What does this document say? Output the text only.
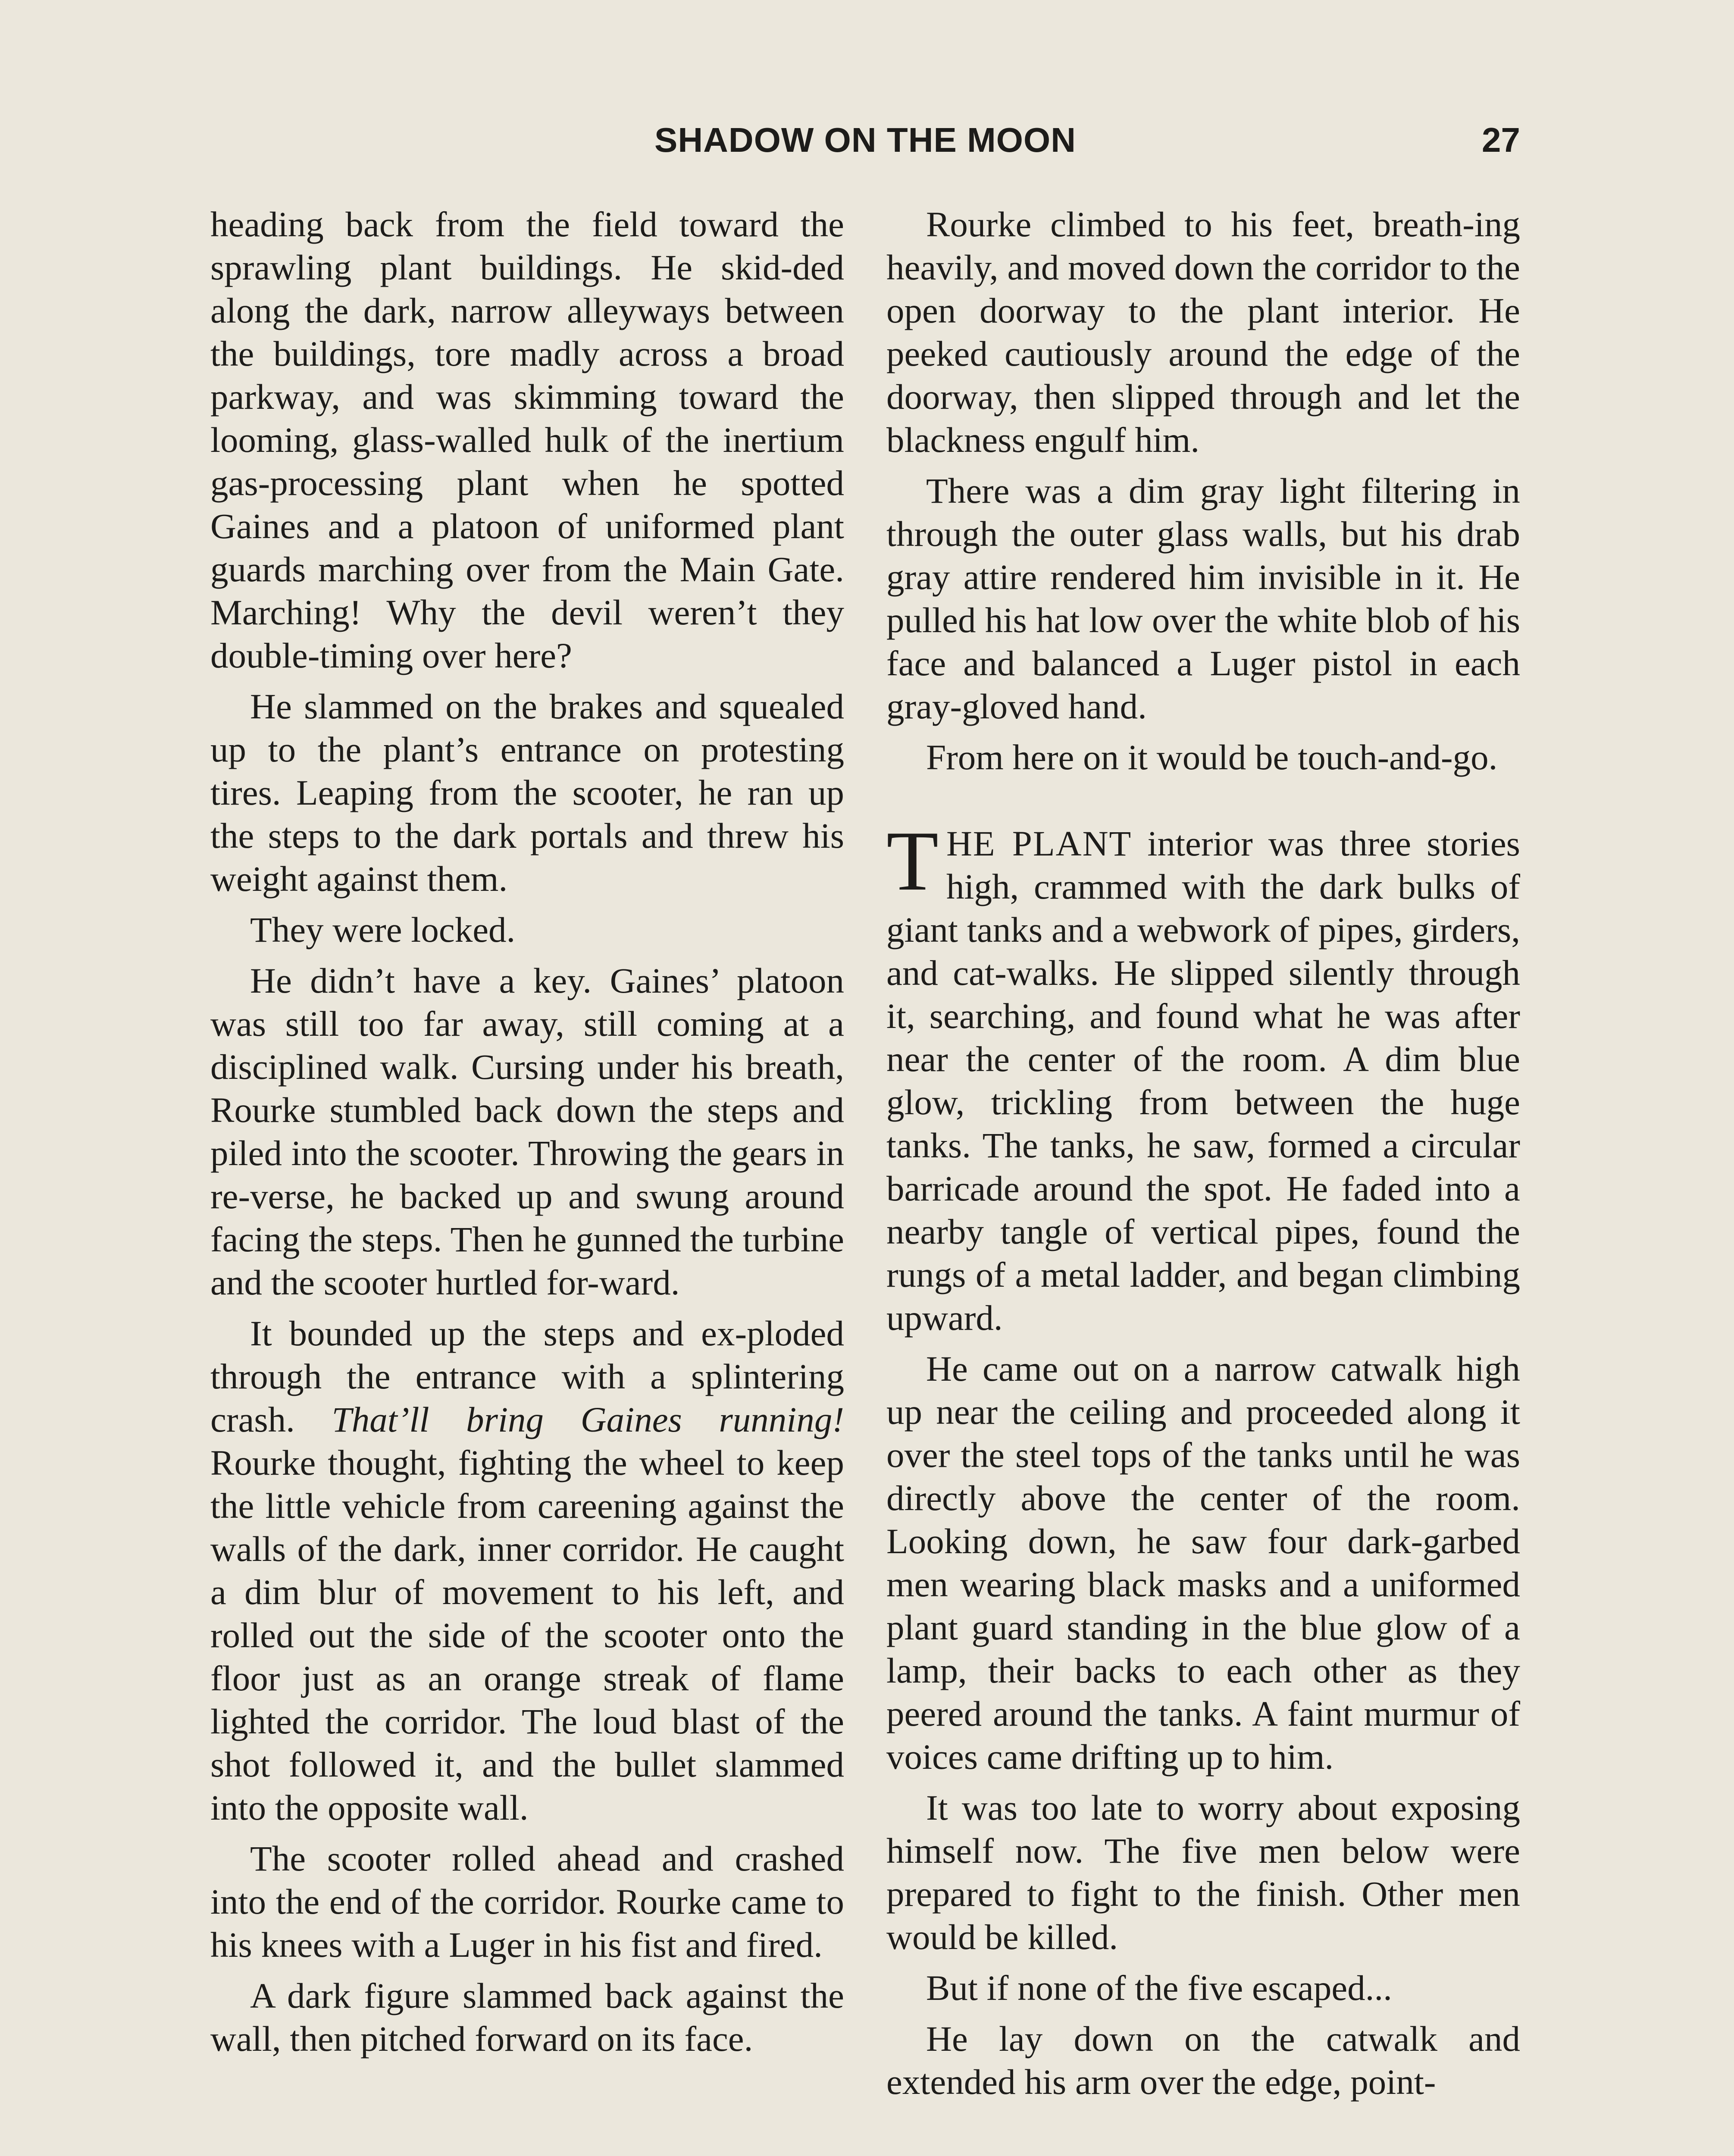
SHADOW ON THE MOON	27

heading back from the field toward the sprawling plant buildings. He skid-ded along the dark, narrow alleyways between the buildings, tore madly across a broad parkway, and was skimming toward the looming, glass-walled hulk of the inertium gas-processing plant when he spotted Gaines and a platoon of uniformed plant guards marching over from the Main Gate. Marching! Why the devil weren’t they double-timing over here?

He slammed on the brakes and squealed up to the plant’s entrance on protesting tires. Leaping from the scooter, he ran up the steps to the dark portals and threw his weight against them.

They were locked.

He didn’t have a key. Gaines’ platoon was still too far away, still coming at a disciplined walk. Cursing under his breath, Rourke stumbled back down the steps and piled into the scooter. Throwing the gears in re-verse, he backed up and swung around facing the steps. Then he gunned the turbine and the scooter hurtled for-ward.

It bounded up the steps and ex-ploded through the entrance with a splintering crash. That’ll bring Gaines running! Rourke thought, fighting the wheel to keep the little vehicle from careening against the walls of the dark, inner corridor. He caught a dim blur of movement to his left, and rolled out the side of the scooter onto the floor just as an orange streak of flame lighted the corridor. The loud blast of the shot followed it, and the bullet slammed into the opposite wall.

The scooter rolled ahead and crashed into the end of the corridor. Rourke came to his knees with a Luger in his fist and fired.

A dark figure slammed back against the wall, then pitched forward on its face.

Rourke climbed to his feet, breath-ing heavily, and moved down the corridor to the open doorway to the plant interior. He peeked cautiously around the edge of the doorway, then slipped through and let the blackness engulf him.

There was a dim gray light filtering in through the outer glass walls, but his drab gray attire rendered him invisible in it. He pulled his hat low over the white blob of his face and balanced a Luger pistol in each gray-gloved hand.

From here on it would be touch-and-go.

THE PLANT interior was three stories high, crammed with the dark bulks of giant tanks and a webwork of pipes, girders, and cat-walks. He slipped silently through it, searching, and found what he was after near the center of the room. A dim blue glow, trickling from between the huge tanks. The tanks, he saw, formed a circular barricade around the spot. He faded into a nearby tangle of vertical pipes, found the rungs of a metal ladder, and began climbing upward.

He came out on a narrow catwalk high up near the ceiling and proceeded along it over the steel tops of the tanks until he was directly above the center of the room. Looking down, he saw four dark-garbed men wearing black masks and a uniformed plant guard standing in the blue glow of a lamp, their backs to each other as they peered around the tanks. A faint murmur of voices came drifting up to him.

It was too late to worry about exposing himself now. The five men below were prepared to fight to the finish. Other men would be killed.

But if none of the five escaped...

He lay down on the catwalk and extended his arm over the edge, point-
